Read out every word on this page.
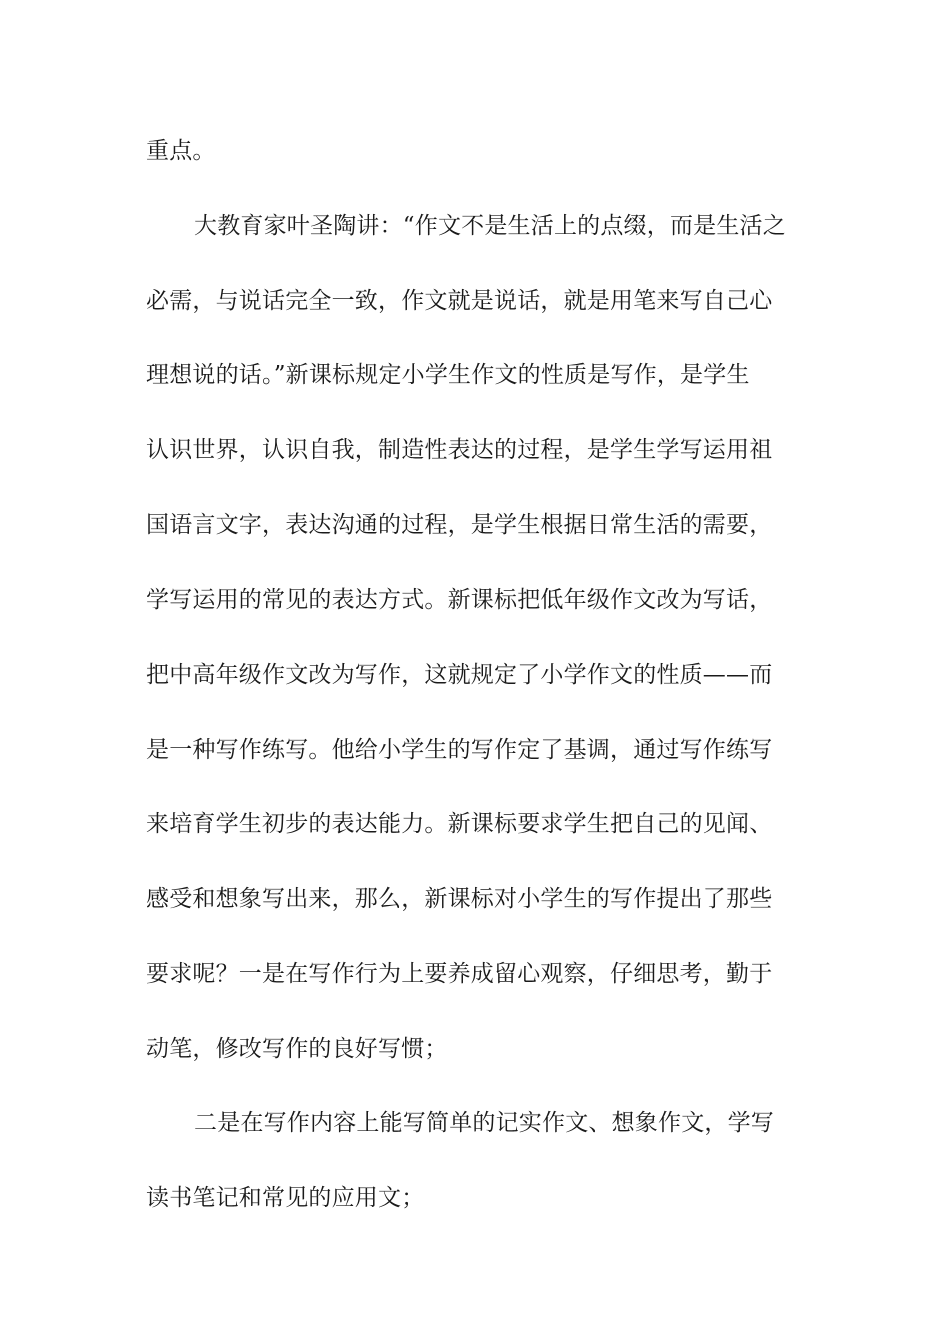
重点。
大教育家叶圣陶讲：“作文不是生活上的点缀，而是生活之
必需，与说话完全一致，作文就是说话，就是用笔来写自己心
理想说的话。”新课标规定小学生作文的性质是写作，是学生
认识世界，认识自我，制造性表达的过程，是学生学写运用祖
国语言文字，表达沟通的过程，是学生根据日常生活的需要，
学写运用的常见的表达方式。新课标把低年级作文改为写话，
把中高年级作文改为写作，这就规定了小学作文的性质——而
是一种写作练写。他给小学生的写作定了基调，通过写作练写
来培育学生初步的表达能力。新课标要求学生把自己的见闻、
感受和想象写出来，那么，新课标对小学生的写作提出了那些
要求呢？一是在写作行为上要养成留心观察，仔细思考，勤于
动笔，修改写作的良好写惯；
二是在写作内容上能写简单的记实作文、想象作文，学写
读书笔记和常见的应用文；
